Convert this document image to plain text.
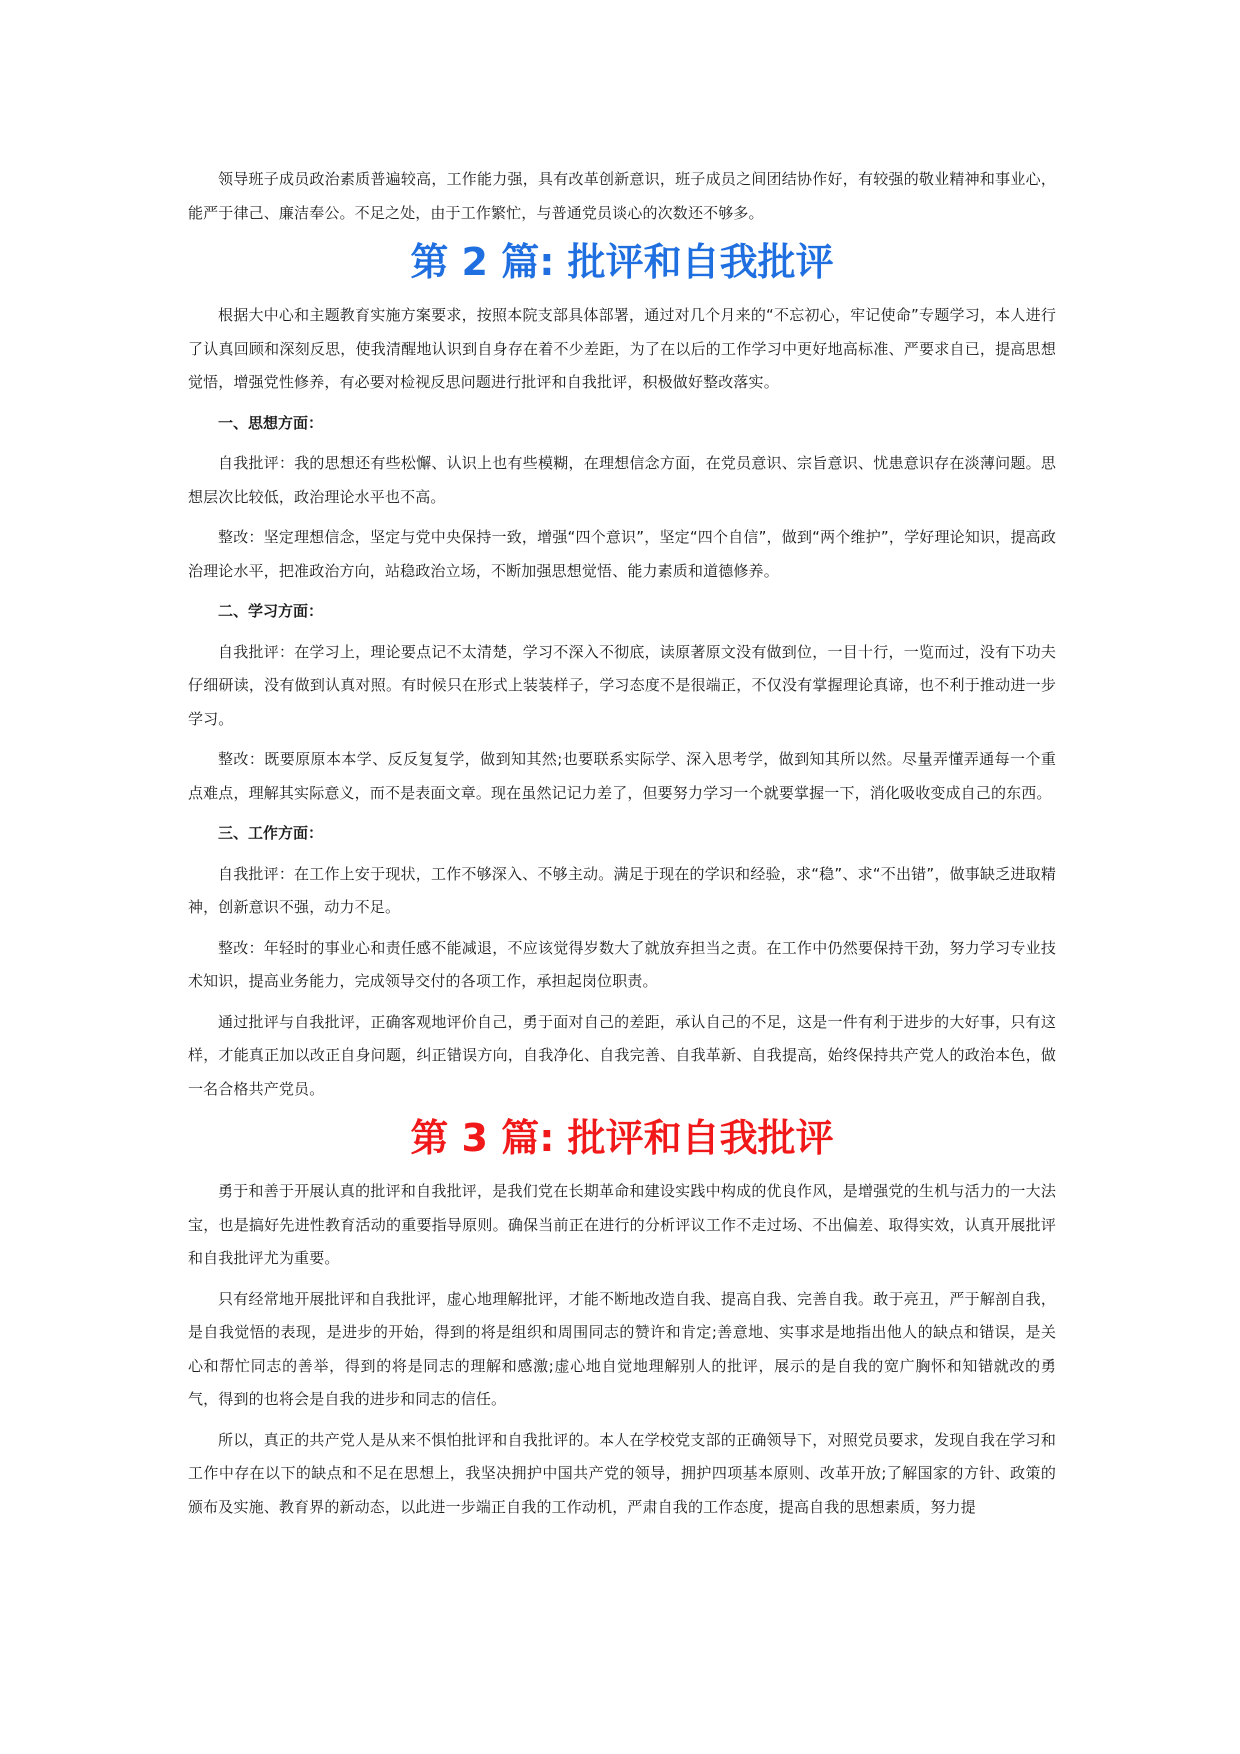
领导班子成员政治素质普遍较高，工作能力强，具有改革创新意识，班子成员之间团结协作好，有较强的敬业精神和事业心，能严于律己、廉洁奉公。不足之处，由于工作繁忙，与普通党员谈心的次数还不够多。

第 2 篇: 批评和自我批评

根据大中心和主题教育实施方案要求，按照本院支部具体部署，通过对几个月来的“不忘初心，牢记使命”专题学习，本人进行了认真回顾和深刻反思，使我清醒地认识到自身存在着不少差距，为了在以后的工作学习中更好地高标准、严要求自已，提高思想觉悟，增强党性修养，有必要对检视反思问题进行批评和自我批评，积极做好整改落实。

一、思想方面：

自我批评：我的思想还有些松懈、认识上也有些模糊，在理想信念方面，在党员意识、宗旨意识、忧患意识存在淡薄问题。思想层次比较低，政治理论水平也不高。

整改：坚定理想信念，坚定与党中央保持一致，增强“四个意识”，坚定“四个自信”，做到“两个维护”，学好理论知识，提高政治理论水平，把准政治方向，站稳政治立场，不断加强思想觉悟、能力素质和道德修养。

二、学习方面：

自我批评：在学习上，理论要点记不太清楚，学习不深入不彻底，读原著原文没有做到位，一目十行，一览而过，没有下功夫仔细研读，没有做到认真对照。有时候只在形式上装装样子，学习态度不是很端正，不仅没有掌握理论真谛，也不利于推动进一步学习。

整改：既要原原本本学、反反复复学，做到知其然;也要联系实际学、深入思考学，做到知其所以然。尽量弄懂弄通每一个重点难点，理解其实际意义，而不是表面文章。现在虽然记记力差了，但要努力学习一个就要掌握一下，消化吸收变成自己的东西。

三、工作方面：

自我批评：在工作上安于现状，工作不够深入、不够主动。满足于现在的学识和经验，求“稳”、求“不出错”，做事缺乏进取精神，创新意识不强，动力不足。

整改：年轻时的事业心和责任感不能减退，不应该觉得岁数大了就放弃担当之责。在工作中仍然要保持干劲，努力学习专业技术知识，提高业务能力，完成领导交付的各项工作，承担起岗位职责。

通过批评与自我批评，正确客观地评价自己，勇于面对自己的差距，承认自己的不足，这是一件有利于进步的大好事，只有这样，才能真正加以改正自身问题，纠正错误方向，自我净化、自我完善、自我革新、自我提高，始终保持共产党人的政治本色，做一名合格共产党员。

第 3 篇: 批评和自我批评

勇于和善于开展认真的批评和自我批评，是我们党在长期革命和建设实践中构成的优良作风，是增强党的生机与活力的一大法宝，也是搞好先进性教育活动的重要指导原则。确保当前正在进行的分析评议工作不走过场、不出偏差、取得实效，认真开展批评和自我批评尤为重要。

只有经常地开展批评和自我批评，虚心地理解批评，才能不断地改造自我、提高自我、完善自我。敢于亮丑，严于解剖自我，是自我觉悟的表现，是进步的开始，得到的将是组织和周围同志的赞许和肯定;善意地、实事求是地指出他人的缺点和错误，是关心和帮忙同志的善举，得到的将是同志的理解和感激;虚心地自觉地理解别人的批评，展示的是自我的宽广胸怀和知错就改的勇气，得到的也将会是自我的进步和同志的信任。

所以，真正的共产党人是从来不惧怕批评和自我批评的。本人在学校党支部的正确领导下，对照党员要求，发现自我在学习和工作中存在以下的缺点和不足在思想上，我坚决拥护中国共产党的领导，拥护四项基本原则、改革开放;了解国家的方针、政策的颁布及实施、教育界的新动态，以此进一步端正自我的工作动机，严肃自我的工作态度，提高自我的思想素质，努力提
